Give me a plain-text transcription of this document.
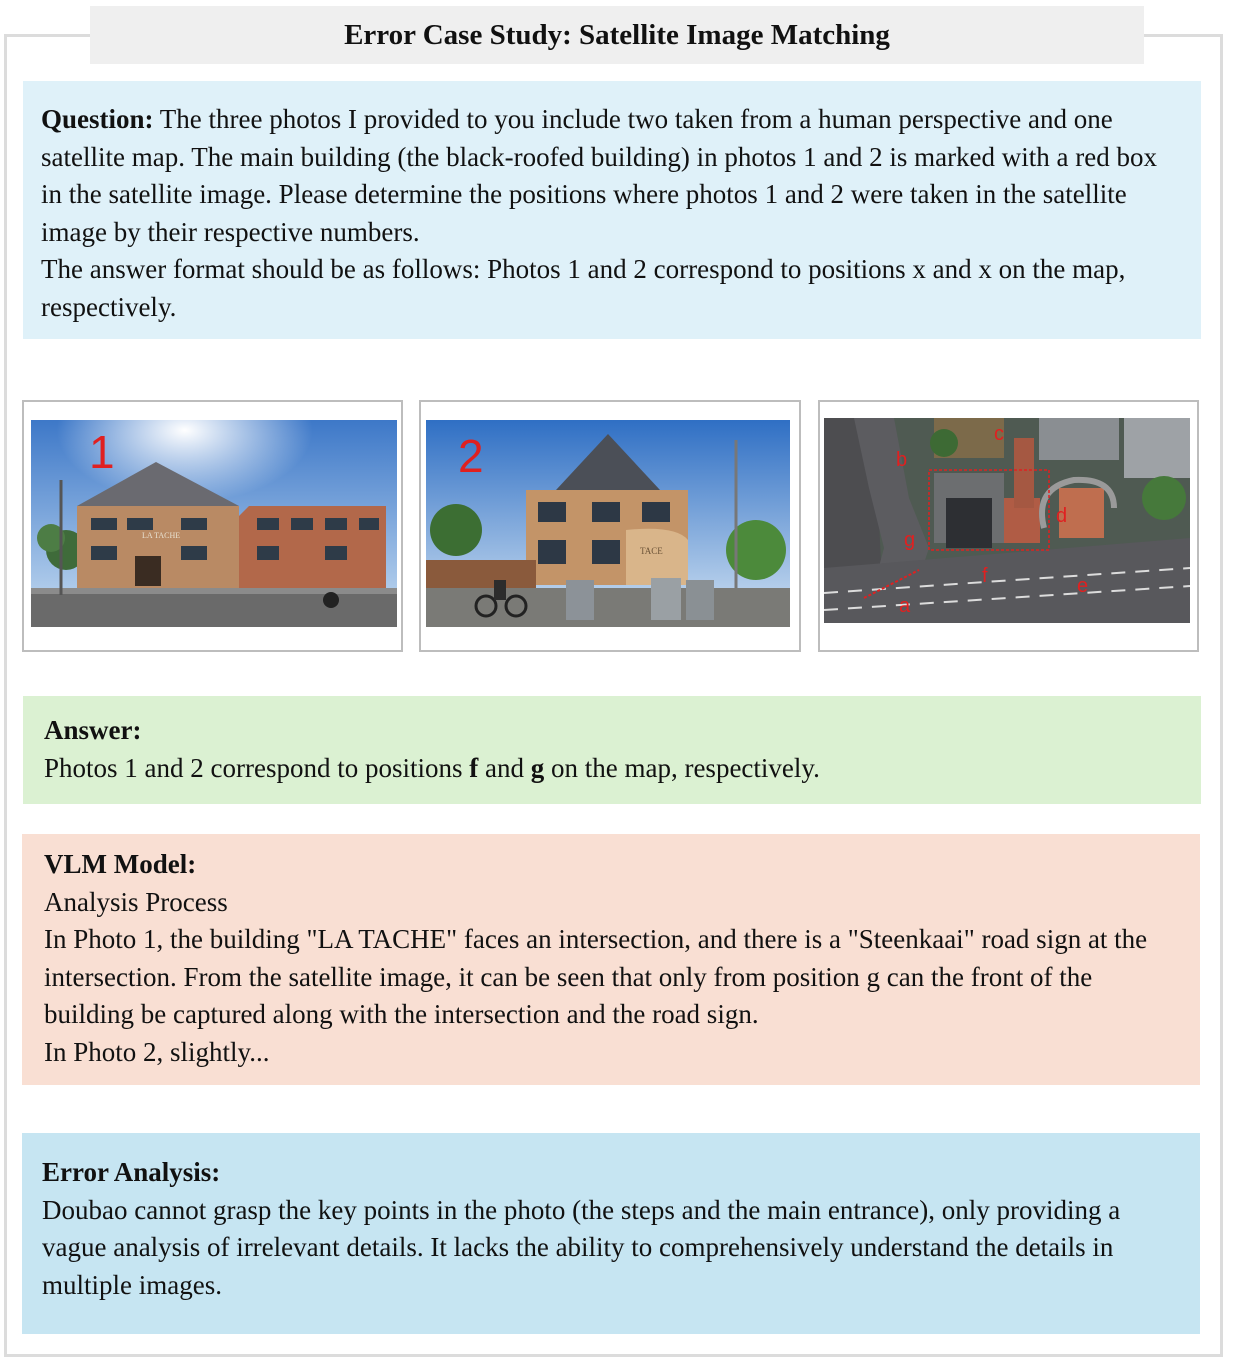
Error Case Study: Satellite Image Matching

Question: The three photos I provided to you include two taken from a human perspective and one satellite map. The main building (the black-roofed building) in photos 1 and 2 is marked with a red box in the satellite image. Please determine the positions where photos 1 and 2 were taken in the satellite image by their respective numbers.

The answer format should be as follows: Photos 1 and 2 correspond to positions x and x on the map, respectively.

LA TACHE
1
TACE
2
a
b
c
d
e
f
g

Answer:

Photos 1 and 2 correspond to positions f and g on the map, respectively.

VLM Model:

Analysis Process

In Photo 1, the building "LA TACHE" faces an intersection, and there is a "Steenkaai" road sign at the intersection. From the satellite image, it can be seen that only from position g can the front of the building be captured along with the intersection and the road sign.

In Photo 2, slightly...

Error Analysis:

Doubao cannot grasp the key points in the photo (the steps and the main entrance), only providing a vague analysis of irrelevant details. It lacks the ability to comprehensively understand the details in multiple images.
